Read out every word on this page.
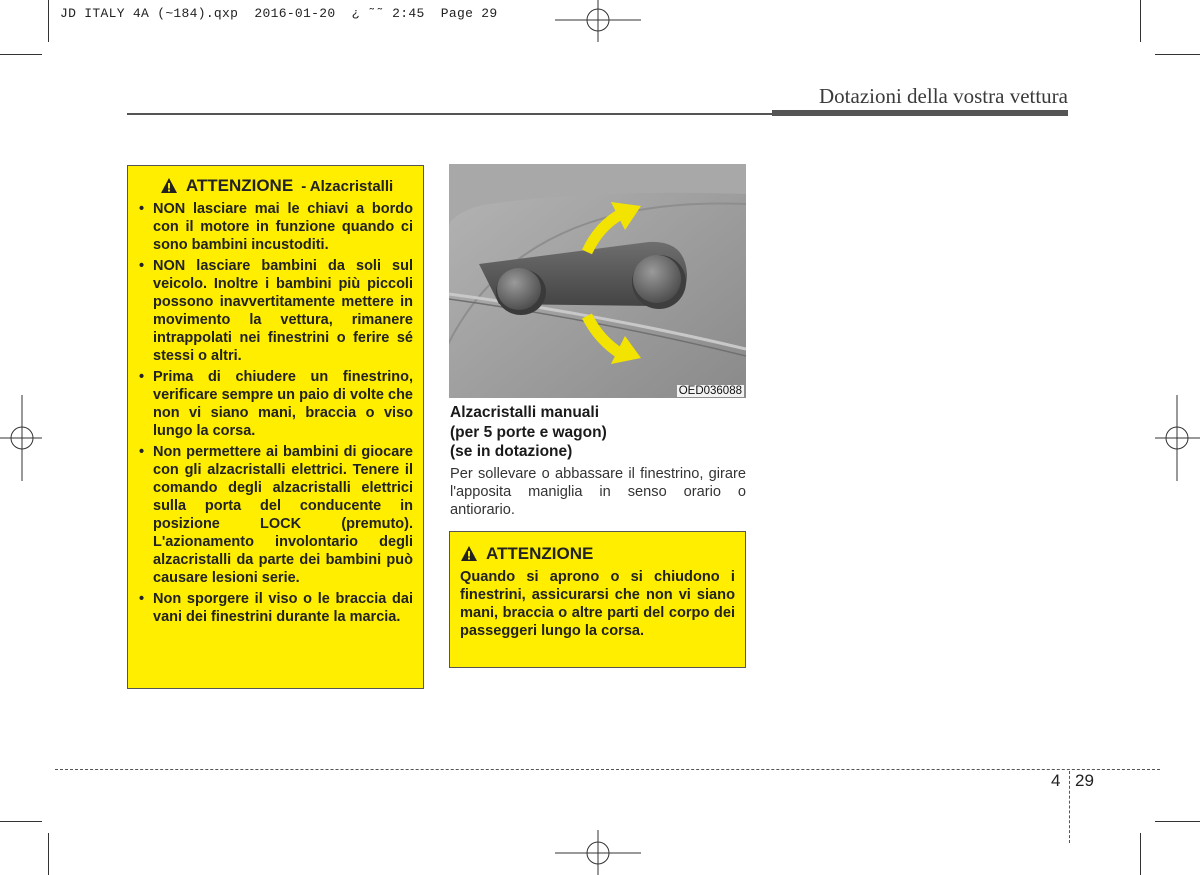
JD ITALY 4A (~184).qxp  2016-01-20  ¿ ˜˜ 2:45  Page 29
Dotazioni della vostra vettura
ATTENZIONE - Alzacristalli
• NON lasciare mai le chiavi a bordo con il motore in funzione quando ci sono bambini incustoditi.
• NON lasciare bambini da soli sul veicolo. Inoltre i bambini più piccoli possono inavvertitamente mettere in movimento la vettura, rimanere intrappolati nei finestrini o ferire sé stessi o altri.
• Prima di chiudere un finestrino, verificare sempre un paio di volte che non vi siano mani, braccia o viso lungo la corsa.
• Non permettere ai bambini di giocare con gli alzacristalli elettrici. Tenere il comando degli alzacristalli elettrici sulla porta del conducente in posizione LOCK (premuto). L'azionamento involontario degli alzacristalli da parte dei bambini può causare lesioni serie.
• Non sporgere il viso o le braccia dai vani dei finestrini durante la marcia.
OED036088
Alzacristalli manuali
(per 5 porte e wagon)
(se in dotazione)
Per sollevare o abbassare il finestrino, girare l'apposita maniglia in senso orario o antiorario.
ATTENZIONE
Quando si aprono o si chiudono i finestrini, assicurarsi che non vi siano mani, braccia o altre parti del corpo dei passeggeri lungo la corsa.
4 29
